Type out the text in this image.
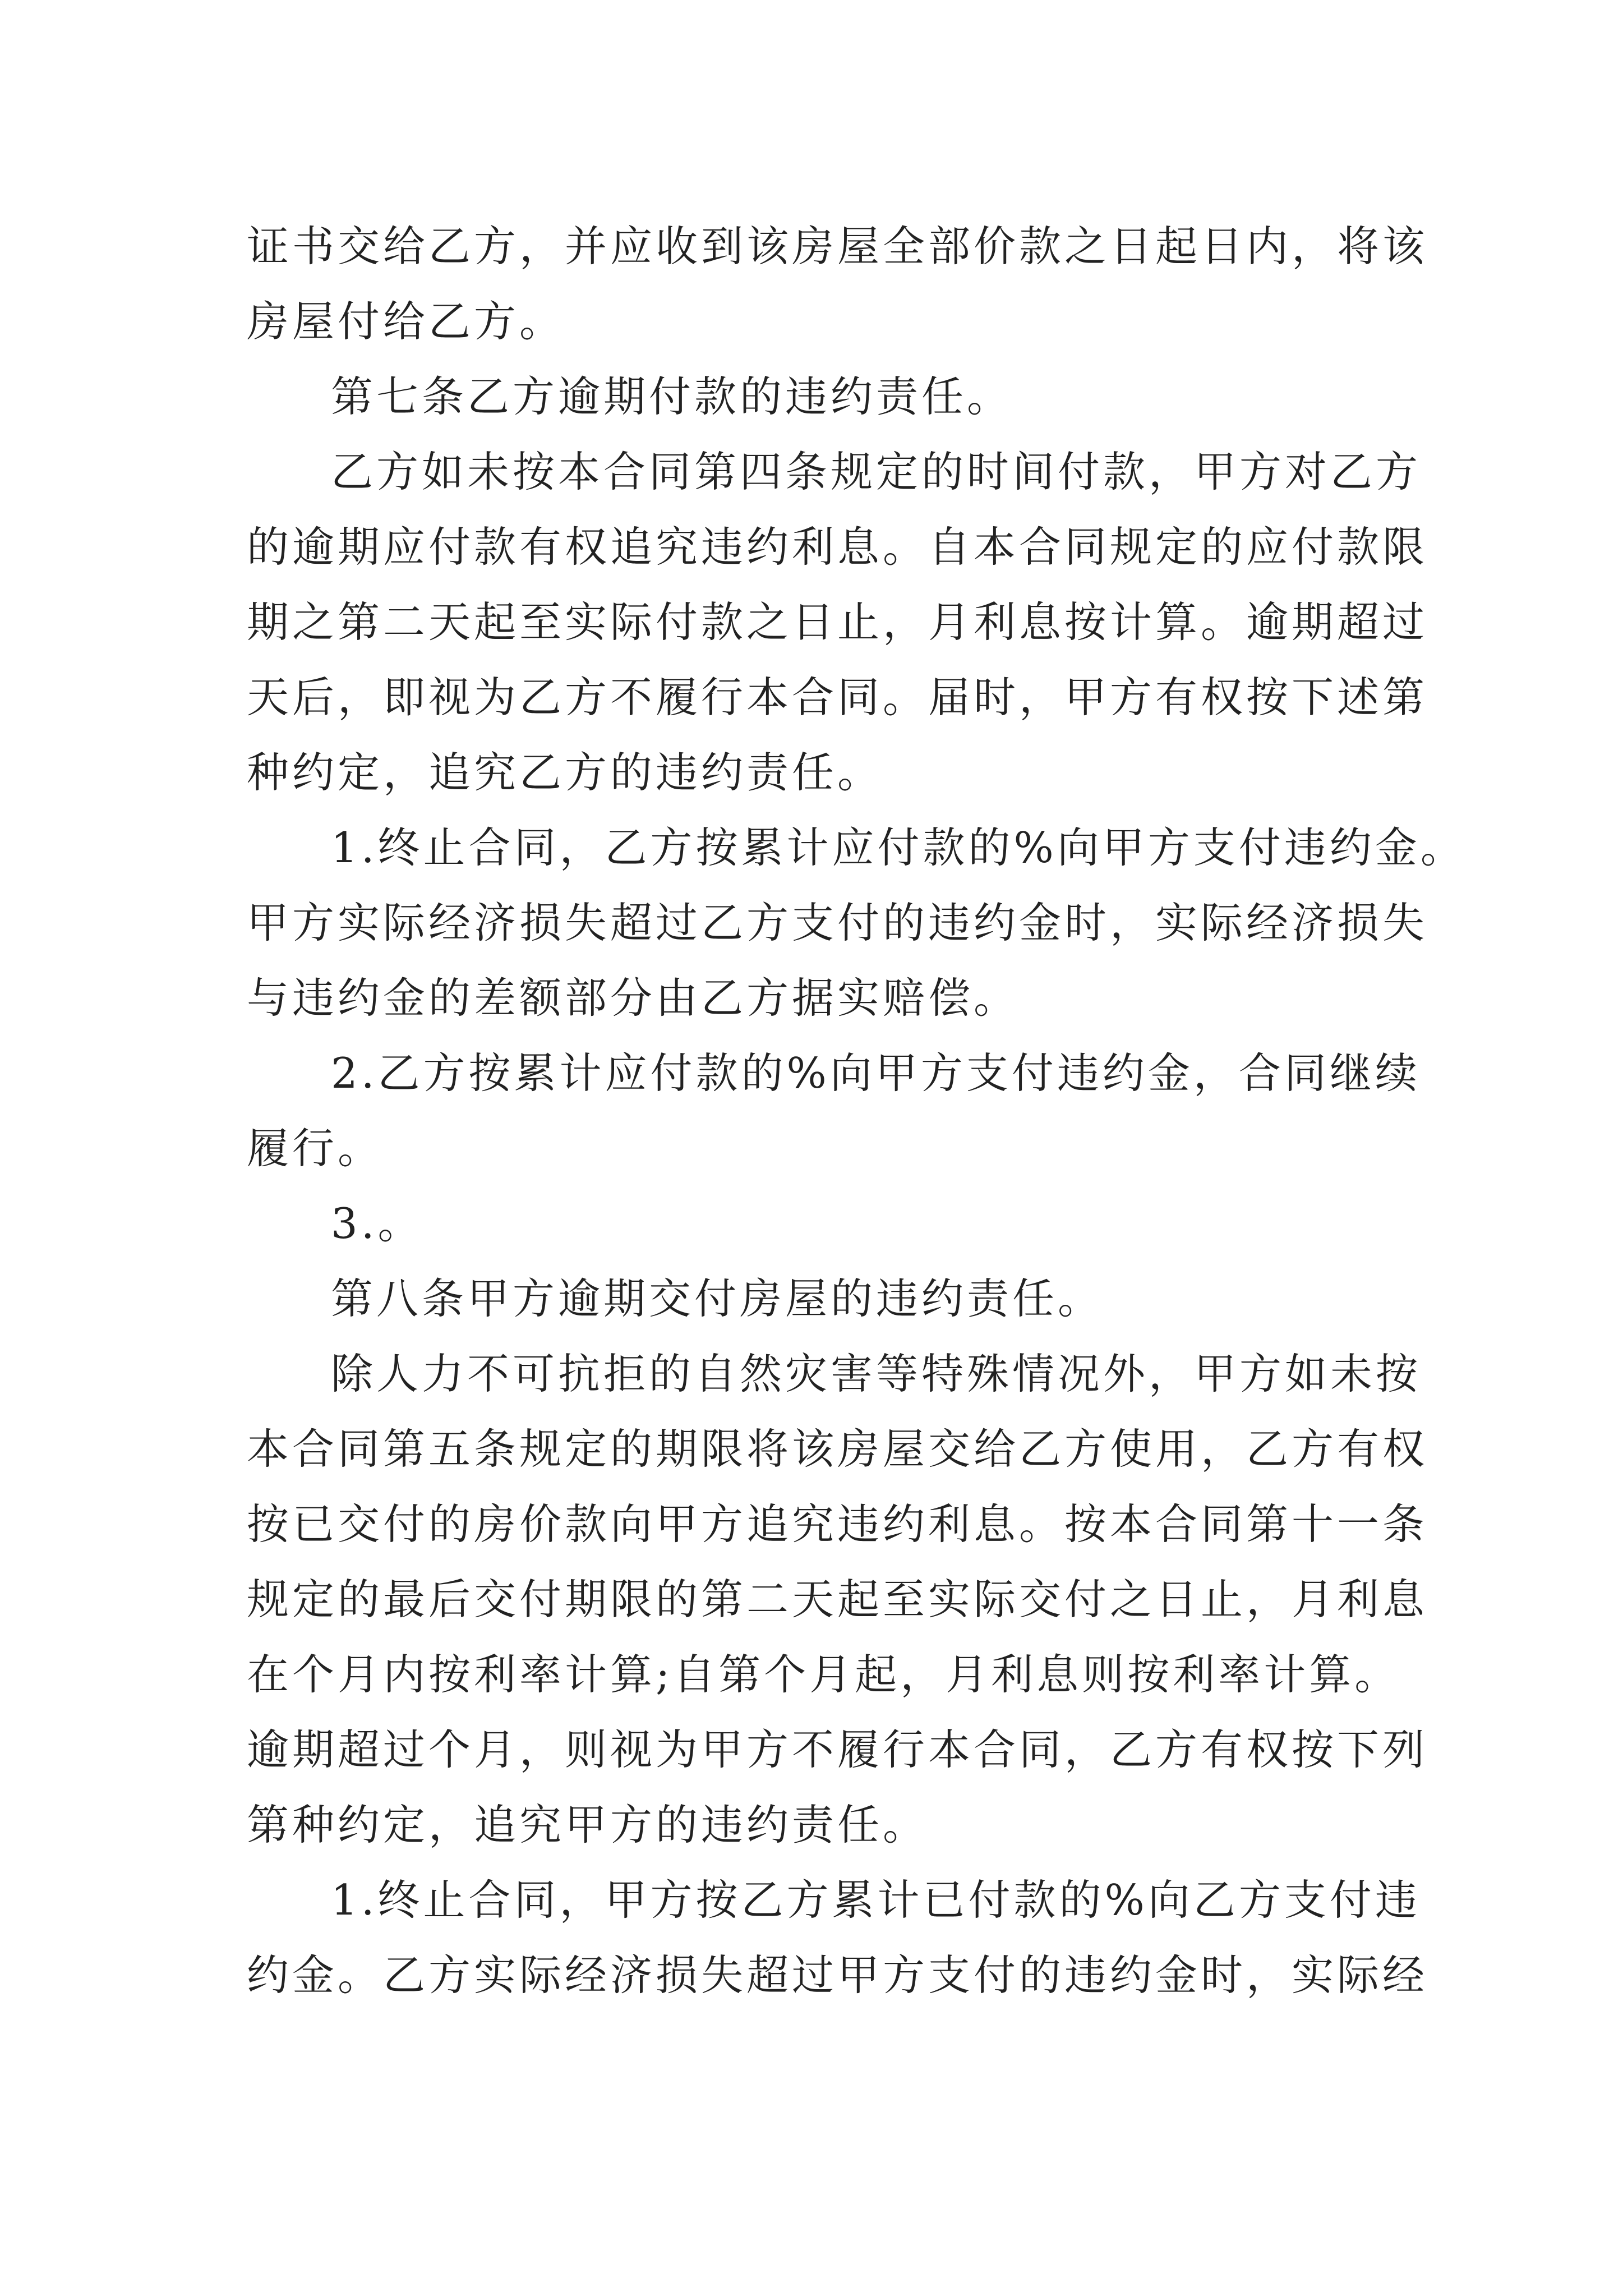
证书交给乙方，并应收到该房屋全部价款之日起日内，将该
房屋付给乙方。
第七条乙方逾期付款的违约责任。
乙方如未按本合同第四条规定的时间付款，甲方对乙方
的逾期应付款有权追究违约利息。自本合同规定的应付款限
期之第二天起至实际付款之日止，月利息按计算。逾期超过
天后，即视为乙方不履行本合同。届时，甲方有权按下述第
种约定，追究乙方的违约责任。
1.终止合同，乙方按累计应付款的%向甲方支付违约金。
甲方实际经济损失超过乙方支付的违约金时，实际经济损失
与违约金的差额部分由乙方据实赔偿。
2.乙方按累计应付款的%向甲方支付违约金，合同继续
履行。
3.。
第八条甲方逾期交付房屋的违约责任。
除人力不可抗拒的自然灾害等特殊情况外，甲方如未按
本合同第五条规定的期限将该房屋交给乙方使用，乙方有权
按已交付的房价款向甲方追究违约利息。按本合同第十一条
规定的最后交付期限的第二天起至实际交付之日止，月利息
在个月内按利率计算;自第个月起，月利息则按利率计算。
逾期超过个月，则视为甲方不履行本合同，乙方有权按下列
第种约定，追究甲方的违约责任。
1.终止合同，甲方按乙方累计已付款的%向乙方支付违
约金。乙方实际经济损失超过甲方支付的违约金时，实际经
